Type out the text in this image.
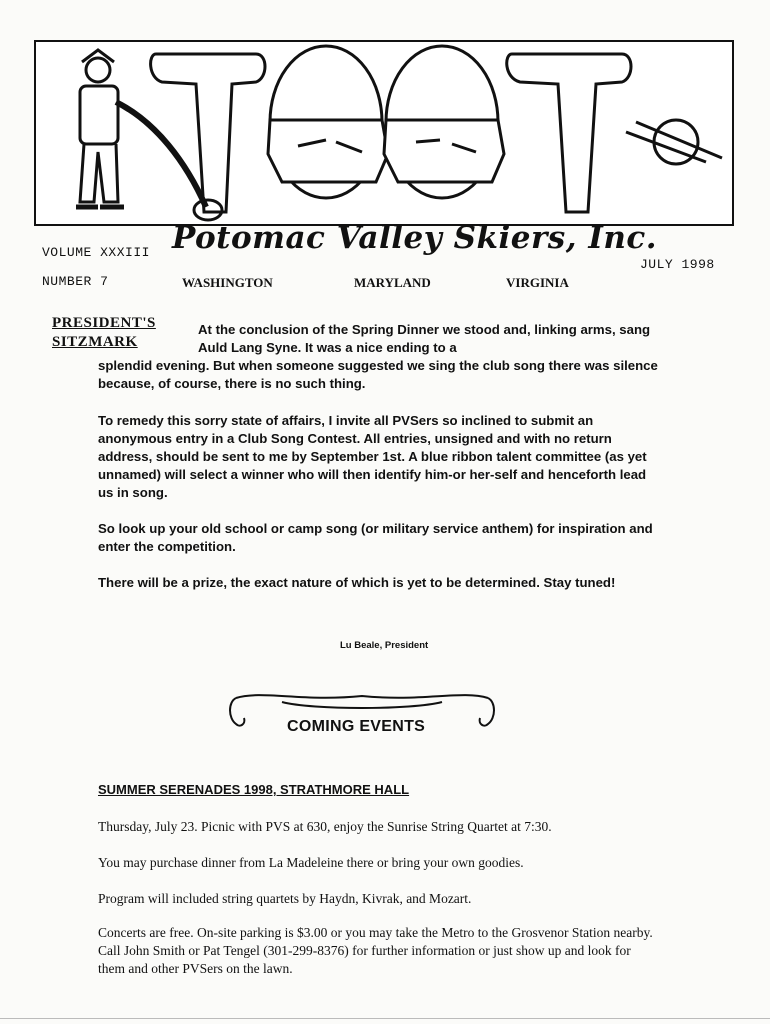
VOLUME XXXIII
NUMBER 7
Potomac Valley Skiers, Inc.
JULY 1998
WASHINGTON	MARYLAND	VIRGINIA
PRESIDENT'S
SITZMARK
At the conclusion of the Spring Dinner we stood and, linking arms, sang Auld Lang Syne. It was a nice ending to a
splendid evening. But when someone suggested we sing the club song there was silence because, of course, there is no such thing.
To remedy this sorry state of affairs, I invite all PVSers so inclined to submit an anonymous entry in a Club Song Contest. All entries, unsigned and with no return address, should be sent to me by September 1st. A blue ribbon talent committee (as yet unnamed) will select a winner who will then identify him-or her-self and henceforth lead us in song.
So look up your old school or camp song (or military service anthem) for inspiration and enter the competition.
There will be a prize, the exact nature of which is yet to be determined. Stay tuned!
Lu Beale, President
COMING EVENTS
SUMMER SERENADES 1998, STRATHMORE HALL
Thursday, July 23. Picnic with PVS at 630, enjoy the Sunrise String Quartet at 7:30.
You may purchase dinner from La Madeleine there or bring your own goodies.
Program will included string quartets by Haydn, Kivrak, and Mozart.
Concerts are free. On-site parking is $3.00 or you may take the Metro to the Grosvenor Station nearby. Call John Smith or Pat Tengel (301-299-8376) for further information or just show up and look for them and other PVSers on the lawn.
